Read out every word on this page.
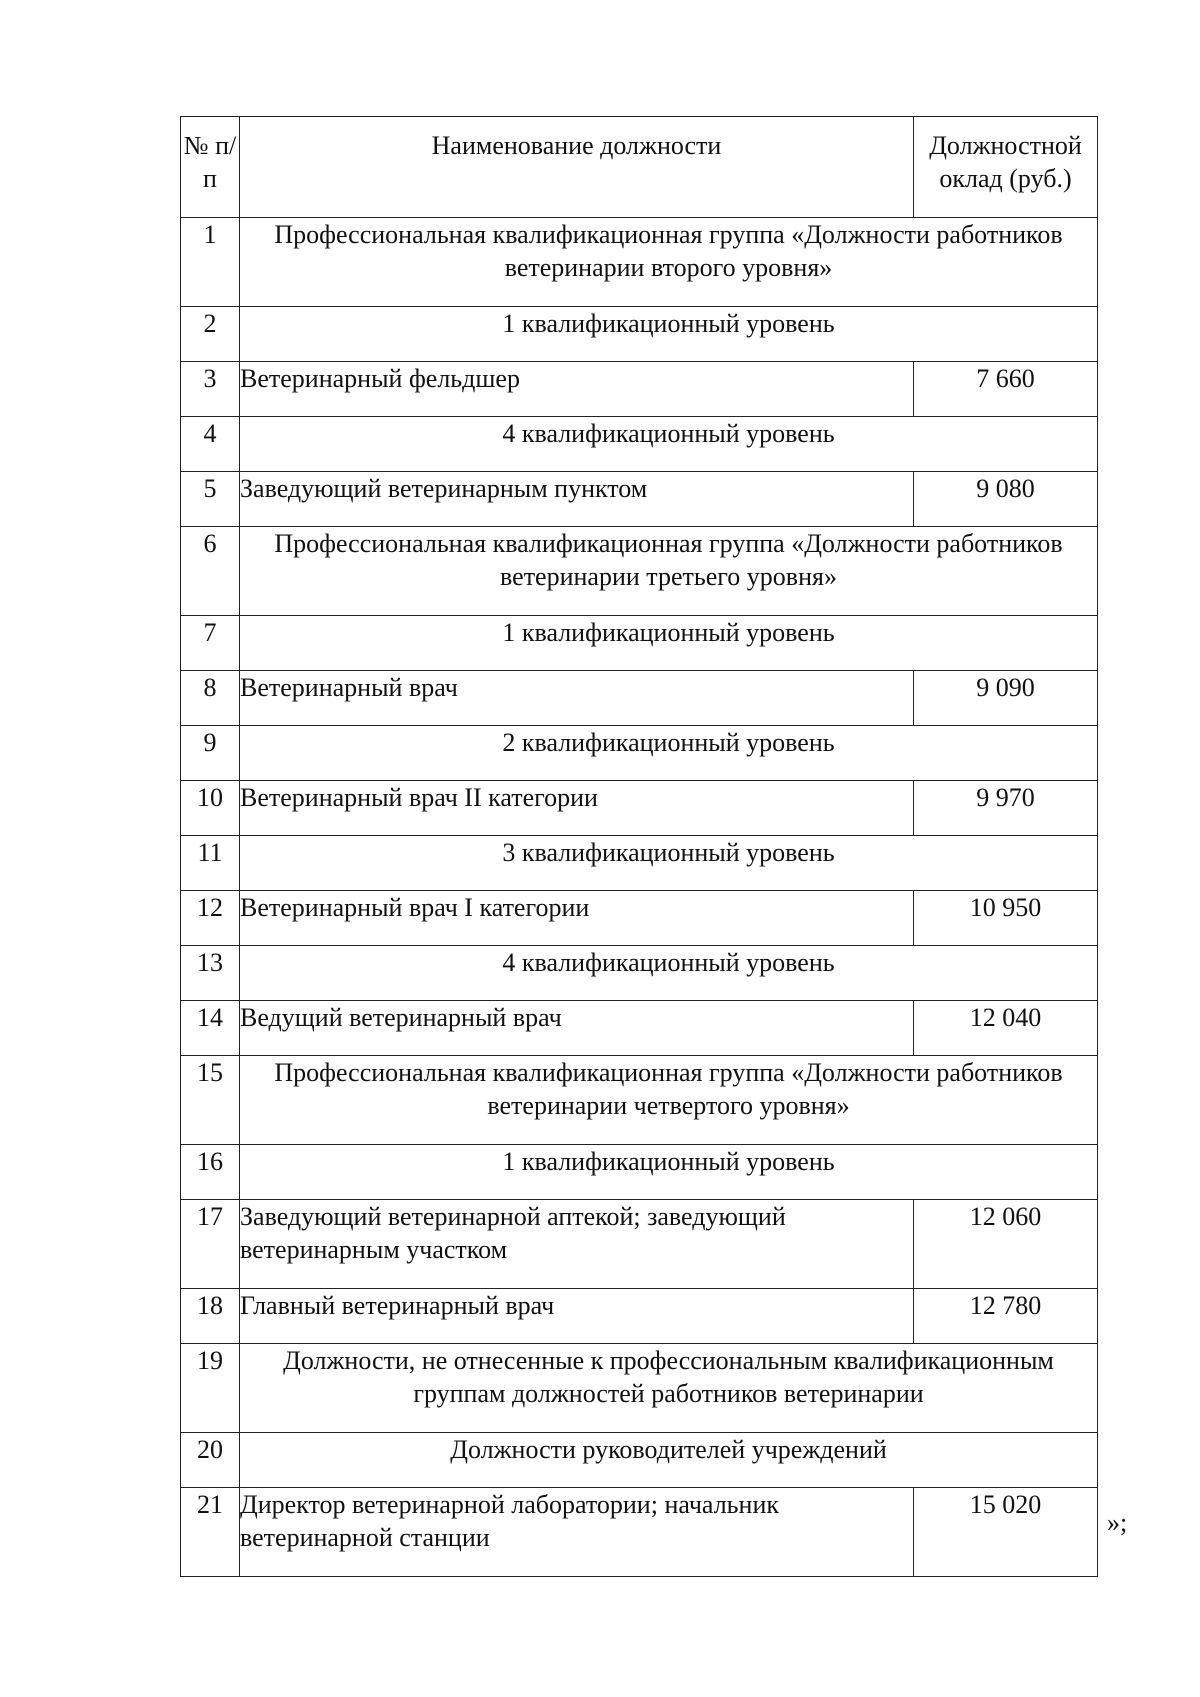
№ п/п	Наименование должности	Должностной оклад (руб.)
1	Профессиональная квалификационная группа «Должности работников ветеринарии второго уровня»	
2	1 квалификационный уровень	
3	Ветеринарный фельдшер	7 660
4	4 квалификационный уровень	
5	Заведующий ветеринарным пунктом	9 080
6	Профессиональная квалификационная группа «Должности работников ветеринарии третьего уровня»	
7	1 квалификационный уровень	
8	Ветеринарный врач	9 090
9	2 квалификационный уровень	
10	Ветеринарный врач II категории	9 970
11	3 квалификационный уровень	
12	Ветеринарный врач I категории	10 950
13	4 квалификационный уровень	
14	Ведущий ветеринарный врач	12 040
15	Профессиональная квалификационная группа «Должности работников ветеринарии четвертого уровня»	
16	1 квалификационный уровень	
17	Заведующий ветеринарной аптекой; заведующий ветеринарным участком	12 060
18	Главный ветеринарный врач	12 780
19	Должности, не отнесенные к профессиональным квалификационным группам должностей работников ветеринарии	
20	Должности руководителей учреждений	
21	Директор ветеринарной лаборатории; начальник ветеринарной станции	15 020
»;
